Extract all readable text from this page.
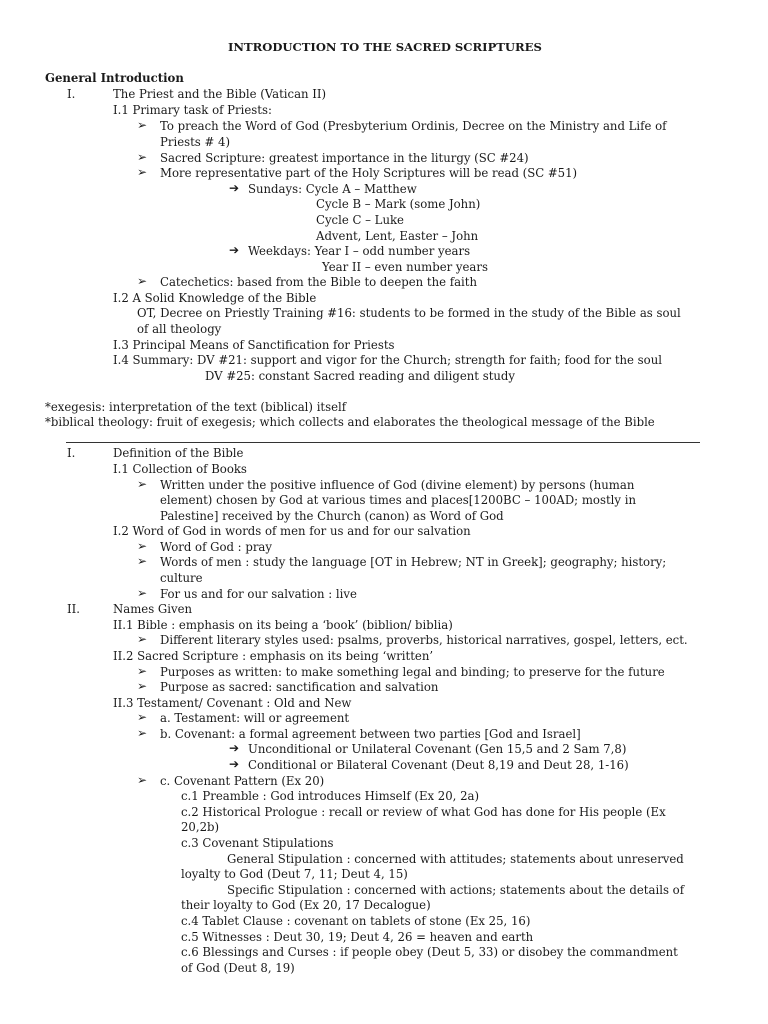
INTRODUCTION TO THE SACRED SCRIPTURES
General Introduction
I.	The Priest and the Bible (Vatican II)
I.1 Primary task of Priests:
➢ To preach the Word of God (Presbyterium Ordinis, Decree on the Ministry and Life of
Priests # 4)
➢ Sacred Scripture: greatest importance in the liturgy (SC #24)
➢ More representative part of the Holy Scriptures will be read (SC #51)
➔ Sundays: Cycle A – Matthew
Cycle B – Mark (some John)
Cycle C – Luke
Advent, Lent, Easter – John
➔ Weekdays: Year I – odd number years
Year II – even number years
➢ Catechetics: based from the Bible to deepen the faith
I.2 A Solid Knowledge of the Bible
OT, Decree on Priestly Training #16: students to be formed in the study of the Bible as soul
of all theology
I.3 Principal Means of Sanctification for Priests
I.4 Summary: DV #21: support and vigor for the Church; strength for faith; food for the soul
DV #25: constant Sacred reading and diligent study
*exegesis: interpretation of the text (biblical) itself
*biblical theology: fruit of exegesis; which collects and elaborates the theological message of the Bible
I.	Definition of the Bible
I.1 Collection of Books
➢ Written under the positive influence of God (divine element) by persons (human
element) chosen by God at various times and places[1200BC – 100AD; mostly in
Palestine] received by the Church (canon) as Word of God
I.2 Word of God in words of men for us and for our salvation
➢ Word of God : pray
➢ Words of men : study the language [OT in Hebrew; NT in Greek]; geography; history;
culture
➢ For us and for our salvation : live
II.	Names Given
II.1 Bible : emphasis on its being a ‘book’ (biblion/ biblia)
➢ Different literary styles used: psalms, proverbs, historical narratives, gospel, letters, ect.
II.2 Sacred Scripture : emphasis on its being ‘written’
➢ Purposes as written: to make something legal and binding; to preserve for the future
➢ Purpose as sacred: sanctification and salvation
II.3 Testament/ Covenant : Old and New
➢ a. Testament: will or agreement
➢ b. Covenant: a formal agreement between two parties [God and Israel]
➔ Unconditional or Unilateral Covenant (Gen 15,5 and 2 Sam 7,8)
➔ Conditional or Bilateral Covenant (Deut 8,19 and Deut 28, 1-16)
➢ c. Covenant Pattern (Ex 20)
c.1 Preamble : God introduces Himself (Ex 20, 2a)
c.2 Historical Prologue : recall or review of what God has done for His people (Ex
20,2b)
c.3 Covenant Stipulations
General Stipulation : concerned with attitudes; statements about unreserved
loyalty to God (Deut 7, 11; Deut 4, 15)
Specific Stipulation : concerned with actions; statements about the details of
their loyalty to God (Ex 20, 17 Decalogue)
c.4 Tablet Clause : covenant on tablets of stone (Ex 25, 16)
c.5 Witnesses : Deut 30, 19; Deut 4, 26 = heaven and earth
c.6 Blessings and Curses : if people obey (Deut 5, 33) or disobey the commandment
of God (Deut 8, 19)
